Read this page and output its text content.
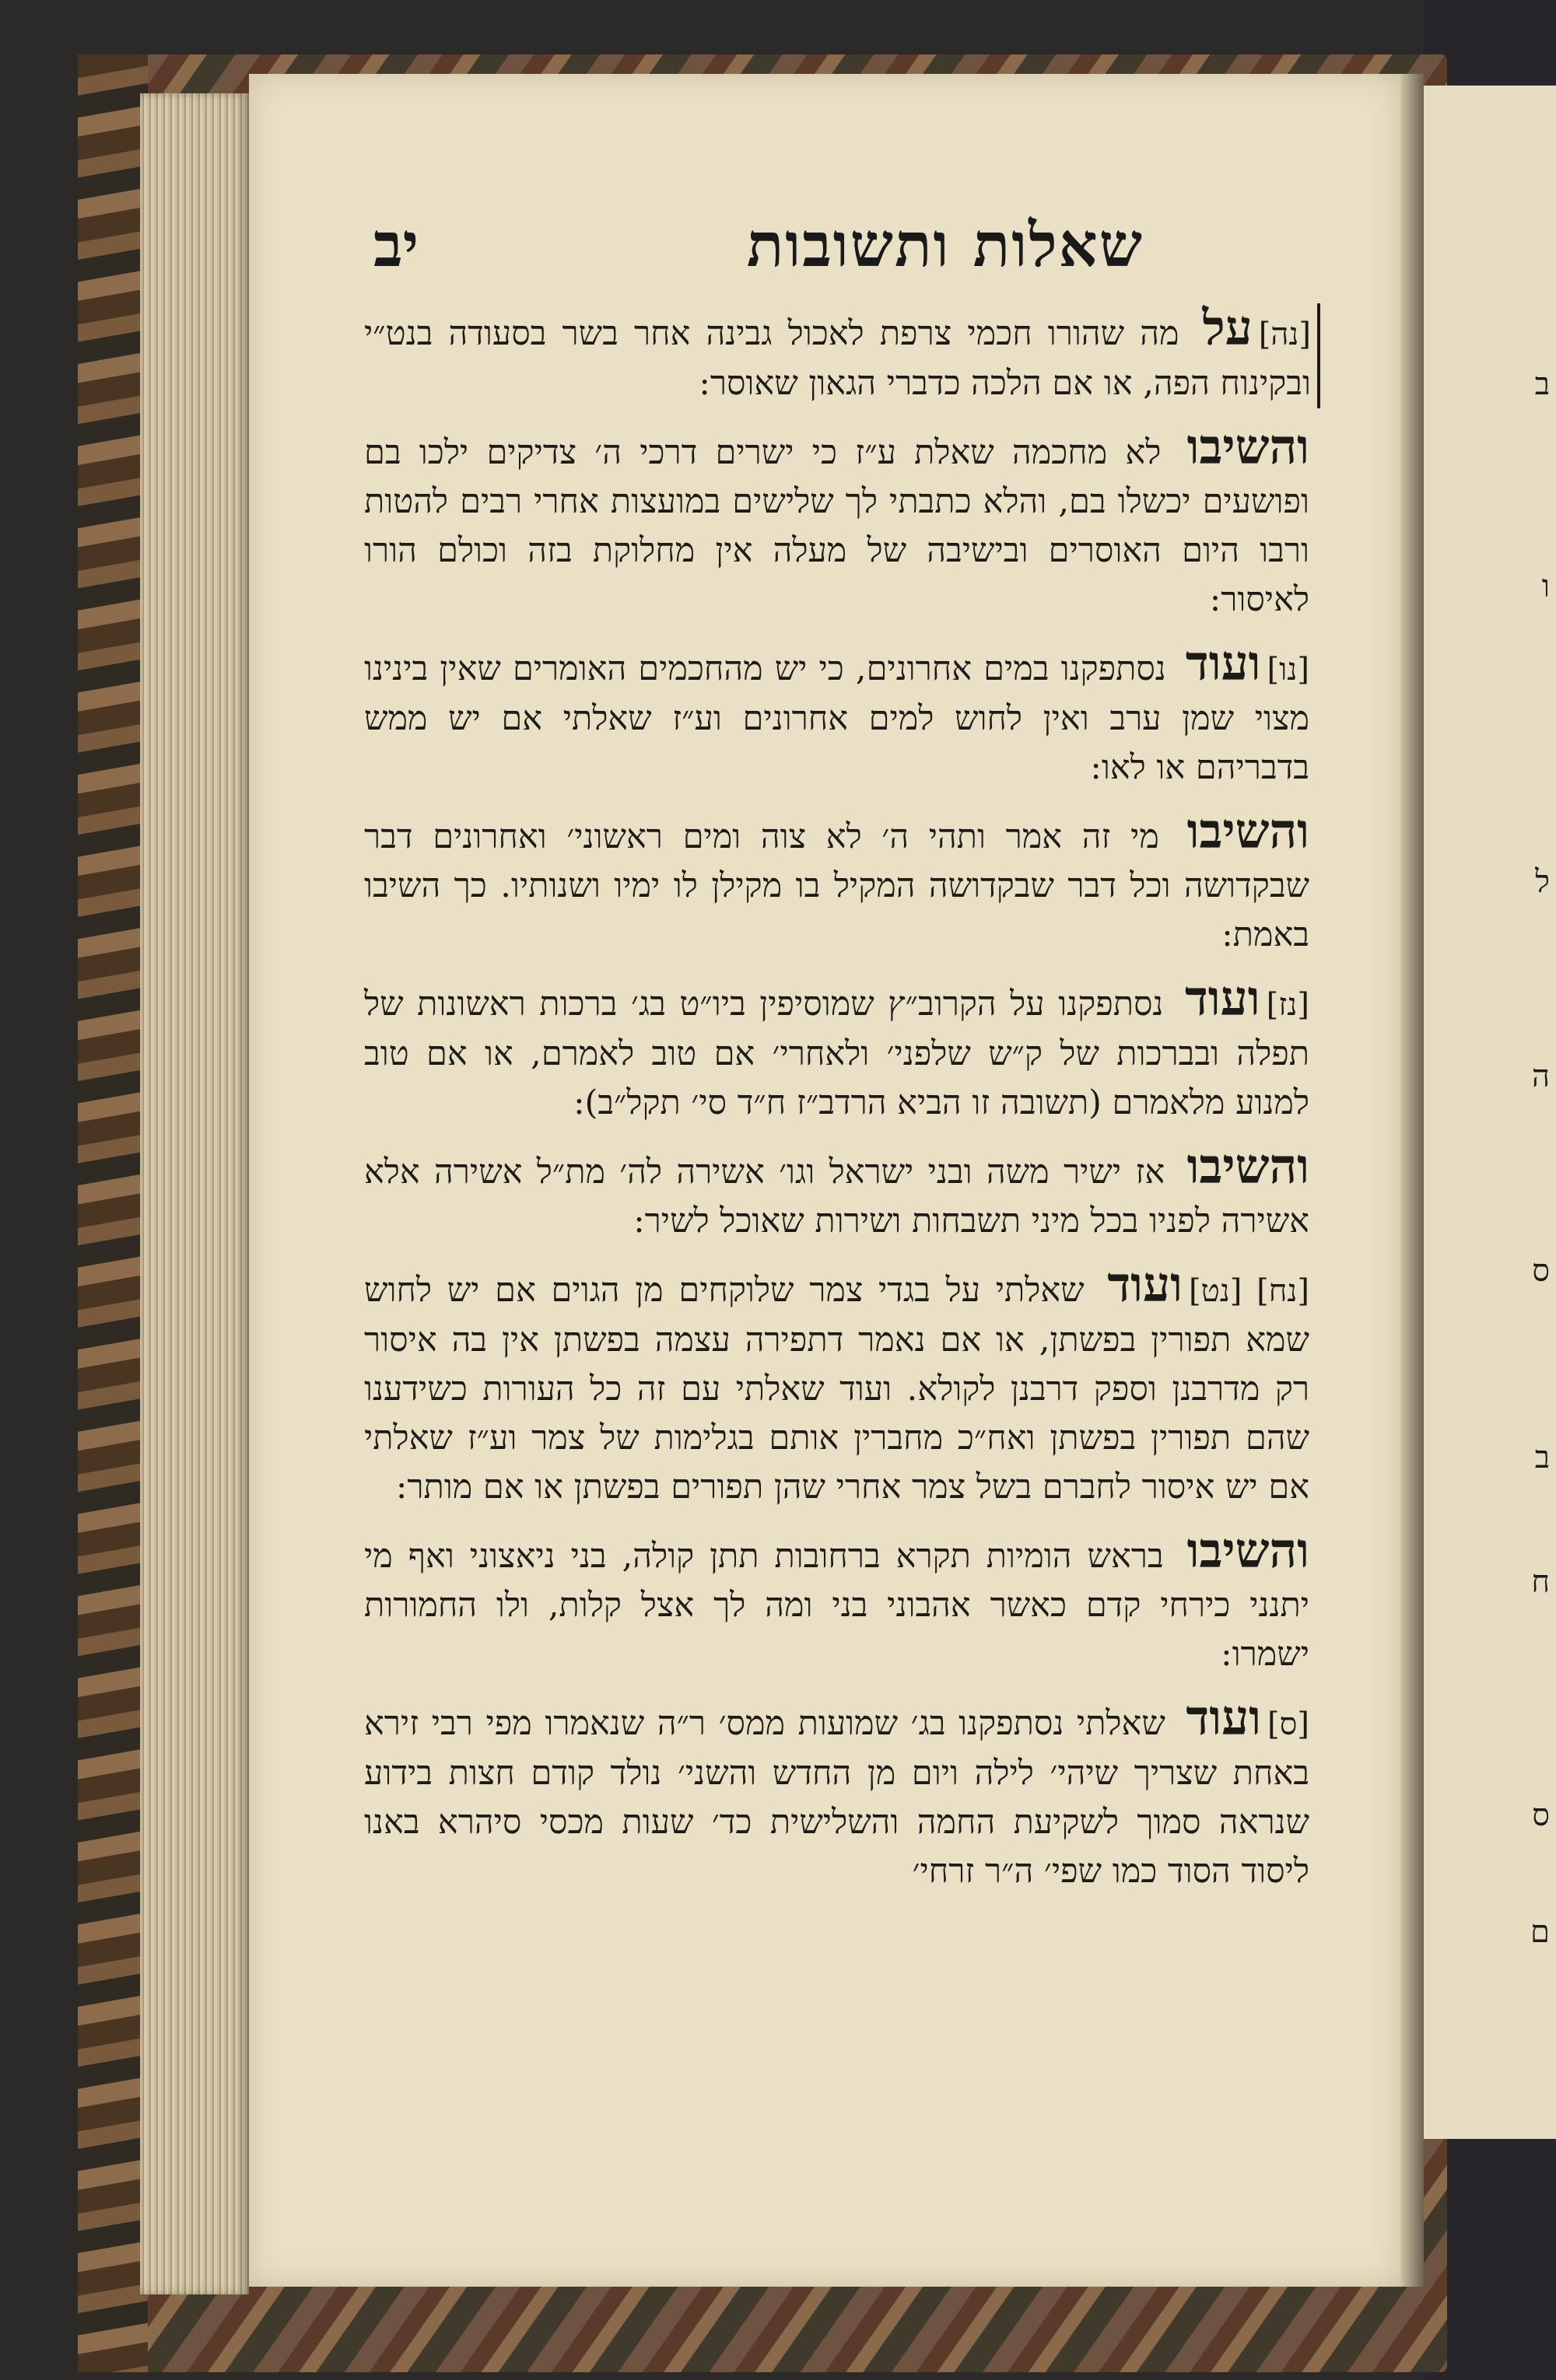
שאלות ותשובות
יב

[נה]על מה שהורו חכמי צרפת לאכול גבינה אחר בשר בסעודה בנט״י ובקינוח הפה, או אם הלכה כדברי הגאון שאוסר:

והשיבו לא מחכמה שאלת ע״ז כי ישרים דרכי ה׳ צדיקים ילכו בם ופושעים יכשלו בם, והלא כתבתי לך שלישים במועצות אחרי רבים להטות ורבו היום האוסרים ובישיבה של מעלה אין מחלוקת בזה וכולם הורו לאיסור:

[נו]ועוד נסתפקנו במים אחרונים, כי יש מהחכמים האומרים שאין בינינו מצוי שמן ערב ואין לחוש למים אחרונים וע״ז שאלתי אם יש ממש בדבריהם או לאו:

והשיבו מי זה אמר ותהי ה׳ לא צוה ומים ראשוני׳ ואחרונים דבר שבקדושה וכל דבר שבקדושה המקיל בו מקילן לו ימיו ושנותיו. כך השיבו באמת:

[נז]ועוד נסתפקנו על הקרוב״ץ שמוסיפין ביו״ט בג׳ ברכות ראשונות של תפלה ובברכות של ק״ש שלפני׳ ולאחרי׳ אם טוב לאמרם, או אם טוב למנוע מלאמרם (תשובה זו הביא הרדב״ז ח״ד סי׳ תקל״ב):

והשיבו אז ישיר משה ובני ישראל וגו׳ אשירה לה׳ מת״ל אשירה אלא אשירה לפניו בכל מיני תשבחות ושירות שאוכל לשיר:

[נח] [נט]ועוד שאלתי על בגדי צמר שלוקחים מן הגוים אם יש לחוש שמא תפורין בפשתן, או אם נאמר דתפירה עצמה בפשתן אין בה איסור רק מדרבנן וספק דרבנן לקולא. ועוד שאלתי עם זה כל העורות כשידענו שהם תפורין בפשתן ואח״כ מחברין אותם בגלימות של צמר וע״ז שאלתי אם יש איסור לחברם בשל צמר אחרי שהן תפורים בפשתן או אם מותר:

והשיבו בראש הומיות תקרא ברחובות תתן קולה, בני ניאצוני ואף מי יתנני כירחי קדם כאשר אהבוני בני ומה לך אצל קלות, ולו החמורות ישמרו:

[ס]ועוד שאלתי נסתפקנו בג׳ שמועות ממס׳ ר״ה שנאמרו מפי רבי זירא באחת שצריך שיהי׳ לילה ויום מן החדש והשני׳ נולד קודם חצות בידוע שנראה סמוך לשקיעת החמה והשלישית כד׳ שעות מכסי סיהרא באנו ליסוד הסוד כמו שפי׳ ה״ר זרחי׳

ב
ו
ל
ה
ס
ב
ח
ס
ם
